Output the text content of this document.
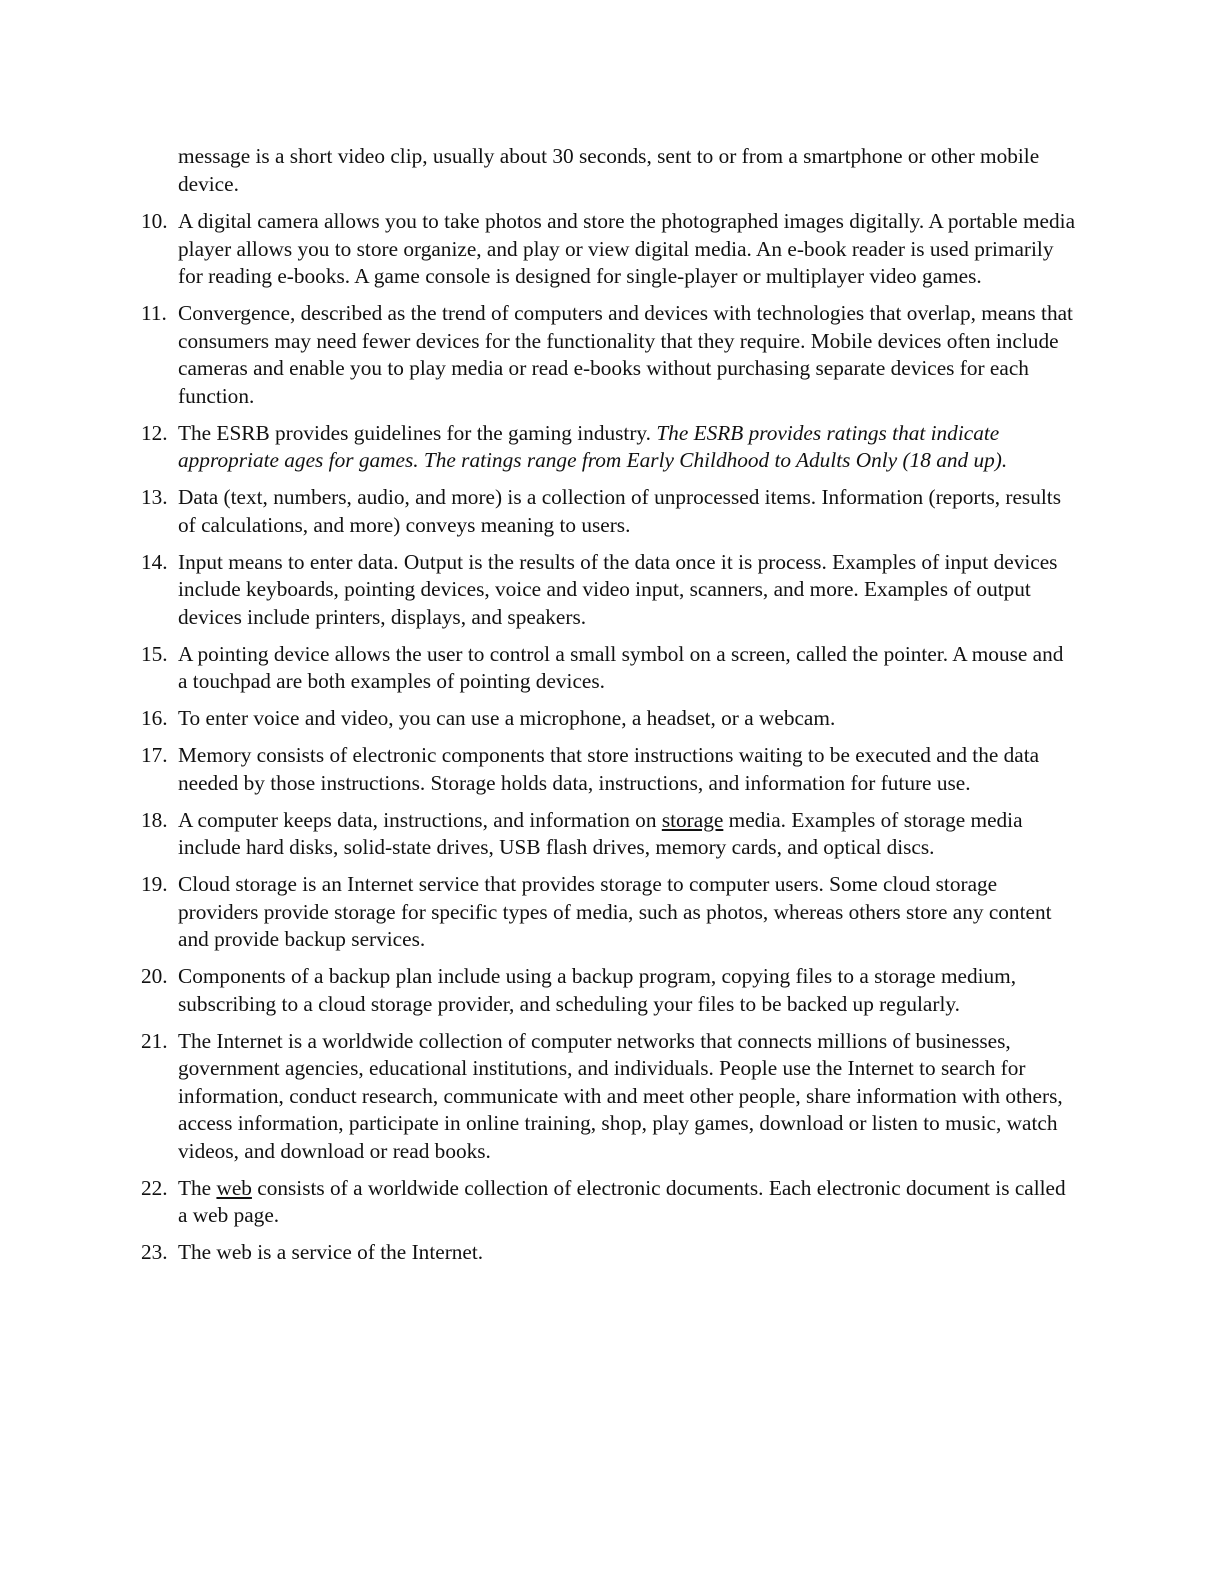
message is a short video clip, usually about 30 seconds, sent to or from a smartphone or other mobile device.
10. A digital camera allows you to take photos and store the photographed images digitally. A portable media player allows you to store organize, and play or view digital media. An e-book reader is used primarily for reading e-books. A game console is designed for single-player or multiplayer video games.
11. Convergence, described as the trend of computers and devices with technologies that overlap, means that consumers may need fewer devices for the functionality that they require. Mobile devices often include cameras and enable you to play media or read e-books without purchasing separate devices for each function.
12. The ESRB provides guidelines for the gaming industry. The ESRB provides ratings that indicate appropriate ages for games. The ratings range from Early Childhood to Adults Only (18 and up).
13. Data (text, numbers, audio, and more) is a collection of unprocessed items. Information (reports, results of calculations, and more) conveys meaning to users.
14. Input means to enter data. Output is the results of the data once it is process. Examples of input devices include keyboards, pointing devices, voice and video input, scanners, and more. Examples of output devices include printers, displays, and speakers.
15. A pointing device allows the user to control a small symbol on a screen, called the pointer. A mouse and a touchpad are both examples of pointing devices.
16. To enter voice and video, you can use a microphone, a headset, or a webcam.
17. Memory consists of electronic components that store instructions waiting to be executed and the data needed by those instructions. Storage holds data, instructions, and information for future use.
18. A computer keeps data, instructions, and information on storage media. Examples of storage media include hard disks, solid-state drives, USB flash drives, memory cards, and optical discs.
19. Cloud storage is an Internet service that provides storage to computer users. Some cloud storage providers provide storage for specific types of media, such as photos, whereas others store any content and provide backup services.
20. Components of a backup plan include using a backup program, copying files to a storage medium, subscribing to a cloud storage provider, and scheduling your files to be backed up regularly.
21. The Internet is a worldwide collection of computer networks that connects millions of businesses, government agencies, educational institutions, and individuals. People use the Internet to search for information, conduct research, communicate with and meet other people, share information with others, access information, participate in online training, shop, play games, download or listen to music, watch videos, and download or read books.
22. The web consists of a worldwide collection of electronic documents. Each electronic document is called a web page.
23. The web is a service of the Internet.
